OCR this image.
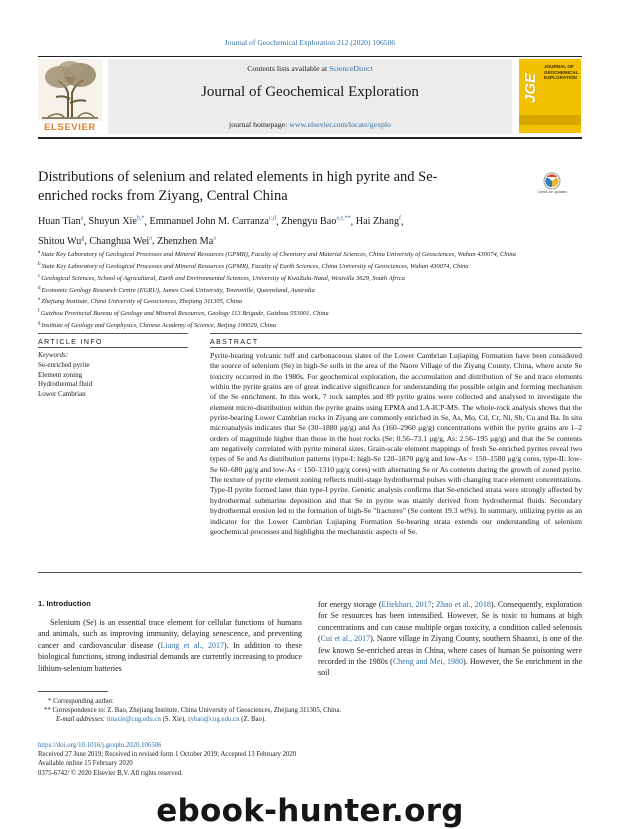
Journal of Geochemical Exploration 212 (2020) 106506
ELSEVIER
Contents lists available at ScienceDirect
Journal of Geochemical Exploration
journal homepage: www.elsevier.com/locate/gexplo
JOURNAL OF GEOCHEMICAL EXPLORATION
JGE
Distributions of selenium and related elements in high pyrite and Se-enriched rocks from Ziyang, Central China	Check for updates
Huan Tian$^a$, Shuyun Xie$^{b,*}$, Emmanuel John M. Carranza$^{c,d}$, Zhengyu Bao$^{a,e,**}$, Hai Zhang$^f$,
Shitou Wu$^g$, Changhua Wei$^a$, Zhenzhen Ma$^a$
$^a$State Key Laboratory of Geological Processes and Mineral Resources (GPMR), Faculty of Chemistry and Material Sciences, China University of Geosciences, Wuhan 430074, China
$^b$State Key Laboratory of Geological Processes and Mineral Resources (GPMR), Faculty of Earth Sciences, China University of Geosciences, Wuhan 430074, China
$^c$Geological Sciences, School of Agricultural, Earth and Environmental Sciences, University of KwaZulu-Natal, Westville 3629, South Africa
$^d$Economic Geology Research Centre (EGRU), James Cook University, Townsville, Queensland, Australia
$^e$Zhejiang Institute, China University of Geosciences, Zhejiang 311305, China
$^f$Guizhou Provincial Bureau of Geology and Mineral Resources, Geology 113 Brigade, Guizhou 553001, China
$^g$Institute of Geology and Geophysics, Chinese Academy of Science, Beijing 100029, China
ARTICLE INFO	ABSTRACT
Keywords:
Se-enriched pyrite
Element zoning
Hydrothermal fluid
Lower Cambrian
Pyrite-bearing volcanic tuff and carbonaceous slates of the Lower Cambrian Lujiaping Formation have been considered the source of selenium (Se) in high-Se soils in the area of the Naore Village of the Ziyang County, China, where acute Se toxicity occurred in the 1980s. For geochemical exploration, the accumulation and distribution of Se and trace elements within the pyrite grains are of great indicative significance for understanding the possible origin and forming mechanism of the Se enrichment. In this work, 7 rock samples and 89 pyrite grains were collected and analysed to investigate the element micro-distribution within the pyrite grains using EPMA and LA-ICP-MS. The whole-rock analysis shows that the pyrite-bearing Lower Cambrian rocks in Ziyang are commonly enriched in Se, As, Mo, Cd, Cr, Ni, Sb, Cu and Ba. In situ microanalysis indicates that Se (30–1880 μg/g) and As (160–2960 μg/g) concentrations within the pyrite grains are 1–2 orders of magnitude higher than those in the host rocks (Se: 0.56–73.1 μg/g, As: 2.56–195 μg/g) and that the Se contents are negatively correlated with pyrite mineral sizes. Grain-scale element mappings of fresh Se-enriched pyrites reveal two types of Se and As distribution patterns (type-I: high-Se 120–1870 μg/g and low-As < 150–1580 μg/g cores, type-II: low-Se 60–680 μg/g and low-As < 150–1310 μg/g cores) with alternating Se or As contents during the growth of zoned pyrite. The texture of pyrite element zoning reflects multi-stage hydrothermal pulses with changing trace element concentrations. Type-II pyrite formed later than type-I pyrite. Genetic analysis confirms that Se-enriched strata were strongly affected by hydrothermal submarine deposition and that Se in pyrite was mainly derived from hydrothermal fluids. Secondary hydrothermal erosion led to the formation of high-Se "fractures" (Se content 19.3 wt%). In summary, utilizing pyrite as an indicator for the Lower Cambrian Lujiaping Formation Se-bearing strata extends our understanding of selenium geochemical processes and highlights the mechanistic aspects of Se.
1. Introduction

Selenium (Se) is an essential trace element for cellular functions of humans and animals, such as improving immunity, delaying senescence, and preventing cancer and cardiovascular disease (Liang et al., 2017). In addition to these biological functions, strong industrial demands are currently increasing to produce lithium-selenium batteries

for energy storage (Eftekhari, 2017; Zhao et al., 2018). Consequently, exploration for Se resources has been intensified. However, Se is toxic to humans at high concentrations and can cause multiple organ toxicity, a condition called selenosis (Cui et al., 2017). Naore village in Ziyang County, southern Shaanxi, is one of the few known Se-enriched areas in China, where cases of human Se poisoning were recorded in the 1980s (Cheng and Mei, 1980). However, the Se enrichment in the soil

* Corresponding author.
** Correspondence to: Z. Bao, Zhejiang Institute, China University of Geosciences, Zhejiang 311305, China.
E-mail addresses: tinaxie@cug.edu.cn (S. Xie), zybao@cug.edu.cn (Z. Bao).
https://doi.org/10.1016/j.gexplo.2020.106506
Received 27 June 2019; Received in revised form 1 October 2019; Accepted 13 February 2020
Available online 15 February 2020
0375-6742/ © 2020 Elsevier B.V. All rights reserved.
ebook-hunter.org
